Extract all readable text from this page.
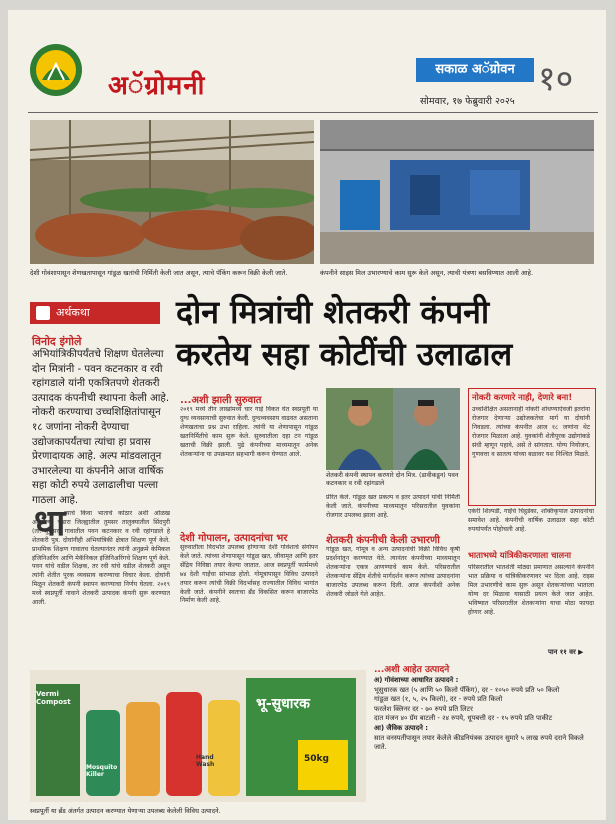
अॅग्रोमनी
सकाळ अॅग्रोवन १०
सोमवार, १७ फेब्रुवारी २०२५
देशी गोवंशापासून शेणखतापासून गांडूळ खतांची निर्मिती केली जात असून, त्याचे पॅकिंग करून विक्री केली जाते.	कंपनीने साइस मिल उभारण्याचे काम सुरू केले असून, त्याची यंत्रणा बसविण्यात आली आहे.
अर्थकथा	दोन मित्रांची शेतकरी कंपनी
करतेय सहा कोटींची उलाढाल
विनोद इंगोले
अभियांत्रिकीपर्यंतचे शिक्षण घेतलेल्या दोन मित्रांनी - पवन कटनकार व रवी रहांगडाले यांनी एकत्रितपणे शेतकरी उत्पादक कंपनीची स्थापना केली आहे. नोकरी करण्याचा उच्चशिक्षितांपासून १८ जणांना नोकरी देण्याचा उद्योजकापर्यंतचा त्यांचा हा प्रवास प्रेरणादायक आहे. अल्प मांडवलातून उभारलेल्या या कंपनीने आज वार्षिक सहा कोटी रुपये उलाढालीचा पल्ला गाठला आहे.
धा
न्याचे किंवा भाताचे कोठार अशी ओळख असलेल्या भंडारा जिल्ह्यातील तुमसर तालुक्यातील सिंदपुरी (ता. तुमसर) गावातील पवन कटनकार व रवी रहांगडाले हे शेतकरी पुत्र. दोघांनीही अभियांत्रिकी क्षेत्रात शिक्षण पूर्ण केले. प्राथमिक शिक्षण गावातच घेतल्यानंतर त्यांनी अनुक्रमे केमिकल इंजिनिअरिंग आणि मेकॅनिकल इंजिनिअरिंगचे शिक्षण पूर्ण केले. पवन यांचे वडील शिक्षक, तर रवी यांचे वडील शेतकरी असून त्यांनी शेतीत पूरक व्यवसाय करण्याचा विचार केला. दोघांनी मिळून शेतकरी कंपनी स्थापन करण्याचा निर्णय घेतला. २०१९ मध्ये स्वप्नपूर्ती नावाने शेतकरी उत्पादक कंपनी सुरू करण्यात आली.
...अशी झाली सुरुवात
२०१९ मध्ये तीन लाखांमध्ये चार गाई विकत घेत स्वप्नपूर्ती या दुग्ध व्यवसायाची सुरुवात केली. दुग्धव्यवसाय वाढवत असताना शेणखताचा प्रश्न उभा राहिला. त्यांनी या शेणापासून गांडूळ खतनिर्मितीचे काम सुरू केले. सुरुवातीला दहा टन गांडूळ खताची विक्री झाली. पुढे कंपनीच्या माध्यमातून अनेक शेतकऱ्यांना या उपक्रमात सहभागी करून घेण्यात आले.
देशी गोपालन, उत्पादनांचा भर
सुरुवातीला विदर्भात उपलब्ध होणाऱ्या देशी गोवंशाचे संगोपन केले जाते. त्यांच्या शेणापासून गांडूळ खत, जीवामृत आणि इतर सेंद्रिय निविष्ठा तयार केल्या जातात. आज स्वप्नपूर्ती फार्ममध्ये ७४ देशी गाईंचा सांभाळ होतो. गोमूत्रापासून विविध उत्पादने तयार करून त्यांची विक्री विदर्भासह राज्यातील विविध भागांत केली जाते. कंपनीने स्वतःचा ब्रॅंड विकसित करून बाजारपेठ निर्माण केली आहे.
शेतकरी कंपनी स्थापन करणारे दोन मित्र. (डावीकडून) पवन कटनकार व रवी रहांगडाले
प्रेरित केले. गांडूळ खत प्रकल्प व इतर उत्पादने यांची निर्मिती केली जाते. कंपनीच्या माध्यमातून परिसरातील युवकांना रोजगार उपलब्ध झाला आहे.
शेतकरी कंपनीची केली उभारणी
गांडूळ खत, गोमूत्र व अन्य उत्पादनांची विक्री विविध कृषी प्रदर्शनांतून करण्यात येते. त्यानंतर कंपनीच्या माध्यमातून शेतकऱ्यांना एकत्र आणण्याचे काम केले. परिसरातील शेतकऱ्यांना सेंद्रिय शेतीचे मार्गदर्शन करून त्यांच्या उत्पादनांना बाजारपेठ उपलब्ध करून दिली. आज कंपनीशी अनेक शेतकरी जोडले गेले आहेत.
नोकरी करणारे नाही, देणारे बना!
उच्चशिक्षित असतानाही नोकरी शोधण्याऐवजी इतरांना रोजगार देणाऱ्या उद्योजकतेचा मार्ग या दोघांनी निवडला. त्यांच्या कंपनीत आज १८ जणांना थेट रोजगार मिळाला आहे. युवकांनी शेतीपूरक उद्योगांकडे संधी म्हणून पहावे, असे ते सांगतात. योग्य नियोजन, गुणवत्ता व सातत्य यांच्या बळावर यश निश्चित मिळते.
एकेरी शिल्पडी, गाईंचे चिट्ठडेका, शक्तिकृपाल उत्पादनांचा समावेश आहे. कंपनीची वार्षिक उलाढाल सहा कोटी रुपयांपर्यंत पोहोचली आहे.
भाताभध्ये यांत्रिकीकरणाला चालना
परिसरातील भातशेती मोठ्या प्रमाणात असल्याने कंपनीने भात प्रक्रिया व यांत्रिकीकरणावर भर दिला आहे. राइस मिल उभारणीचे काम सुरू असून शेतकऱ्यांच्या भाताला योग्य दर मिळावा यासाठी प्रयत्न केले जात आहेत. भविष्यात परिसरातील शेतकऱ्यांना याचा मोठा फायदा होणार आहे.
पान ११ वर ▶
Vermi Compost
Mosquito Killer
Hand Wash
भू-सुधारक
50kg
स्वप्नपूर्ती या ब्रॅंड अंतर्गत उत्पादन करण्यात येणाऱ्या उपलब्ध केलेली विविध उत्पादने.
...अशी आहेत उत्पादने
अ) गोवंशाच्या आधारित उत्पादने :
भूसुधारक खत (५ आणि ५० किलो पॅकिंग), दर - १०५० रुपये प्रति ५० किलो
गांडूळ खत (१, ५, २५ किलो), दर - रुपये प्रति किलो
फरलेश क्लिनर दर - ७० रुपये प्रति लिटर
दात मंजन ४० ग्रॅम बाटली - २४ रुपये, धूपबत्ती दर - १५ रुपये प्रति पाकीट
आ) जैविक उत्पादने :
सात वनस्पतींपासून तयार केलेले कीडनियंत्रक उत्पादन सुमारे ५ लाख रुपये दराने विकले जाते.
